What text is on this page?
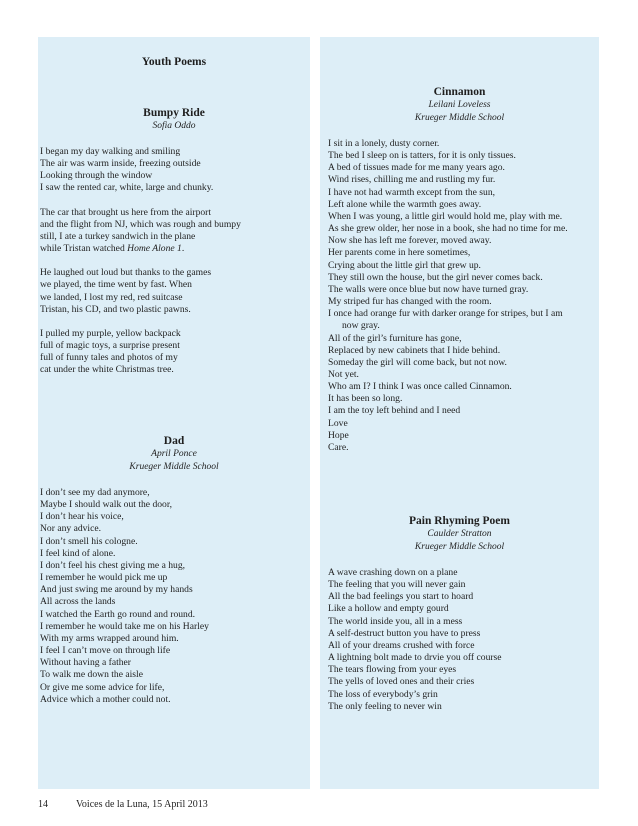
Youth Poems
Bumpy Ride
Sofia Oddo
I began my day walking and smiling
The air was warm inside, freezing outside
Looking through the window
I saw the rented car, white, large and chunky.
The car that brought us here from the airport
and the flight from NJ, which was rough and bumpy
still, I ate a turkey sandwich in the plane
while Tristan watched Home Alone 1.
He laughed out loud but thanks to the games
we played, the time went by fast. When
we landed, I lost my red, red suitcase
Tristan, his CD, and two plastic pawns.
I pulled my purple, yellow backpack
full of magic toys, a surprise present
full of funny tales and photos of my
cat under the white Christmas tree.
Dad
April Ponce
Krueger Middle School
I don’t see my dad anymore,
Maybe I should walk out the door,
I don’t hear his voice,
Nor any advice.
I don’t smell his cologne.
I feel kind of alone.
I don’t feel his chest giving me a hug,
I remember he would pick me up
And just swing me around by my hands
All across the lands
I watched the Earth go round and round.
I remember he would take me on his Harley
With my arms wrapped around him.
I feel I can’t move on through life
Without having a father
To walk me down the aisle
Or give me some advice for life,
Advice which a mother could not.
Cinnamon
Leilani Loveless
Krueger Middle School
I sit in a lonely, dusty corner.
The bed I sleep on is tatters, for it is only tissues.
A bed of tissues made for me many years ago.
Wind rises, chilling me and rustling my fur.
I have not had warmth except from the sun,
Left alone while the warmth goes away.
When I was young, a little girl would hold me, play with me.
As she grew older, her nose in a book, she had no time for me.
Now she has left me forever, moved away.
Her parents come in here sometimes,
Crying about the little girl that grew up.
They still own the house, but the girl never comes back.
The walls were once blue but now have turned gray.
My striped fur has changed with the room.
I once had orange fur with darker orange for stripes, but I am
now gray.
All of the girl’s furniture has gone,
Replaced by new cabinets that I hide behind.
Someday the girl will come back, but not now.
Not yet.
Who am I? I think I was once called Cinnamon.
It has been so long.
I am the toy left behind and I need
Love
Hope
Care.
Pain Rhyming Poem
Caulder Stratton
Krueger Middle School
A wave crashing down on a plane
The feeling that you will never gain
All the bad feelings you start to hoard
Like a hollow and empty gourd
The world inside you, all in a mess
A self-destruct button you have to press
All of your dreams crushed with force
A lightning bolt made to drvie you off course
The tears flowing from your eyes
The yells of loved ones and their cries
The loss of everybody’s grin
The only feeling to never win
14	Voices de la Luna, 15 April 2013
